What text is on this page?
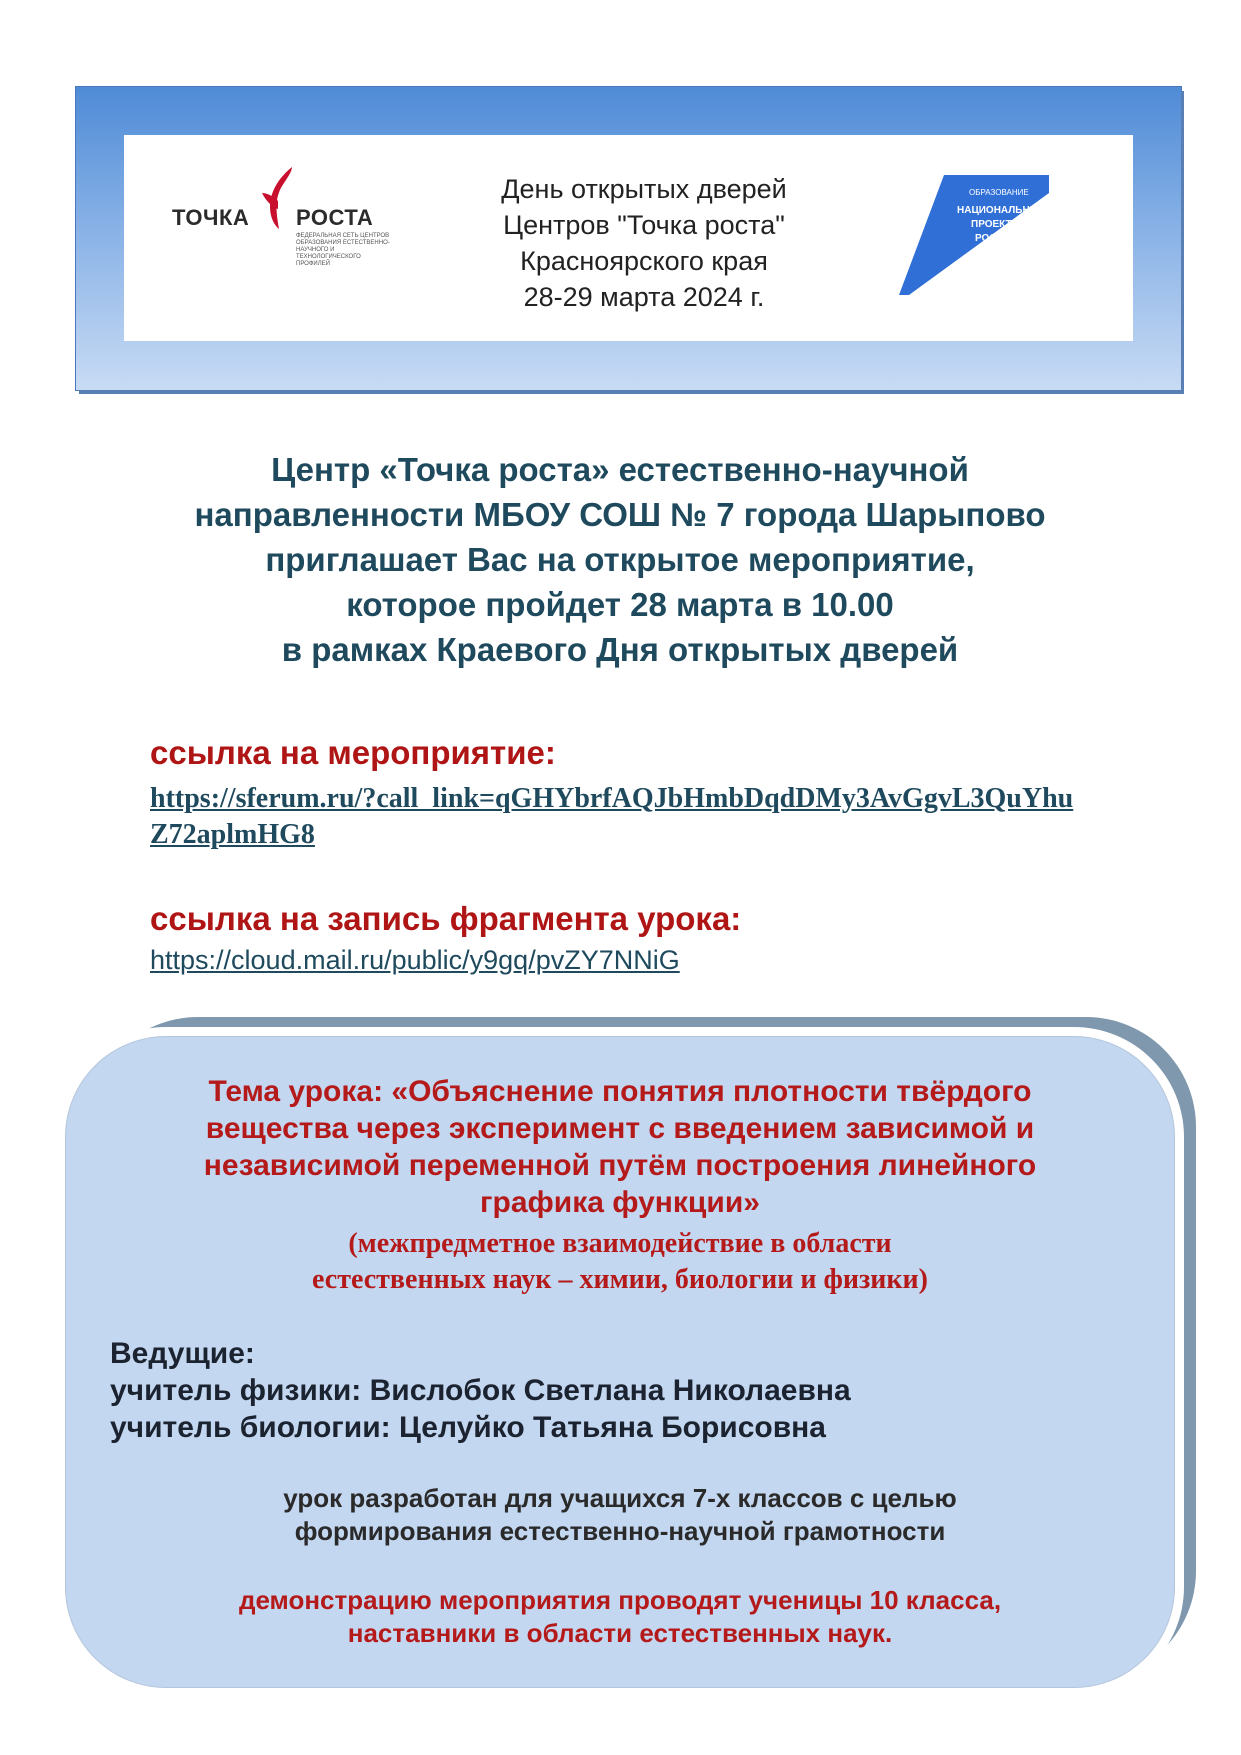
ТОЧКА РОСТА
ФЕДЕРАЛЬНАЯ СЕТЬ ЦЕНТРОВ ОБРАЗОВАНИЯ ЕСТЕСТВЕННО-НАУЧНОГО И ТЕХНОЛОГИЧЕСКОГО ПРОФИЛЕЙ
День открытых дверей
Центров "Точка роста"
Красноярского края
28-29 марта 2024 г.
ОБРАЗОВАНИЕ
НАЦИОНАЛЬНЫЕ
ПРОЕКТЫ
РОССИИ
Центр «Точка роста» естественно-научной
направленности МБОУ СОШ № 7 города Шарыпово
приглашает Вас на открытое мероприятие,
которое пройдет 28 марта в 10.00
в рамках Краевого Дня открытых дверей
ссылка на мероприятие:
https://sferum.ru/?call_link=qGHYbrfAQJbHmbDqdDMy3AvGgvL3QuYhuZ72aplmHG8
ссылка на запись фрагмента урока:
https://cloud.mail.ru/public/y9gq/pvZY7NNiG
Тема урока: «Объяснение понятия плотности твёрдого
вещества через эксперимент с введением зависимой и
независимой переменной путём построения линейного
графика функции»
(межпредметное взаимодействие в области
естественных наук – химии, биологии и физики)
Ведущие:
учитель физики: Вислобок Светлана Николаевна
учитель биологии: Целуйко Татьяна Борисовна
урок разработан для учащихся 7-х классов с целью
формирования естественно-научной грамотности
демонстрацию мероприятия проводят ученицы 10 класса,
наставники в области естественных наук.
